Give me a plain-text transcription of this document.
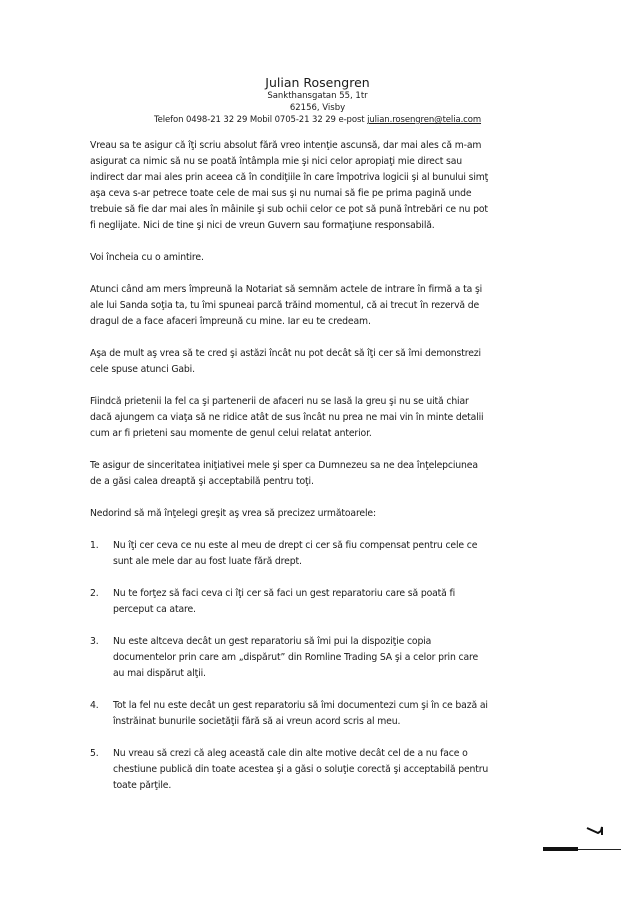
Julian Rosengren
Sankthansgatan 55, 1tr
62156, Visby
Telefon 0498-21 32 29 Mobil 0705-21 32 29 e-post julian.rosengren@telia.com

Vreau sa te asigur că îţi scriu absolut fără vreo intenţie ascunsă, dar mai ales că m-am asigurat ca nimic să nu se poată întâmpla mie şi nici celor apropiaţi mie direct sau indirect dar mai ales prin aceea că în condiţiile în care împotriva logicii şi al bunului simţ aşa ceva s-ar petrece toate cele de mai sus şi nu numai să fie pe prima pagină unde trebuie să fie dar mai ales în mâinile şi sub ochii celor ce pot să pună întrebări ce nu pot fi neglijate. Nici de tine şi nici de vreun Guvern sau formaţiune responsabilă.

Voi încheia cu o amintire.

Atunci când am mers împreună la Notariat să semnăm actele de intrare în firmă a ta şi ale lui Sanda soţia ta, tu îmi spuneai parcă trăind momentul, că ai trecut în rezervă de dragul de a face afaceri împreună cu mine. Iar eu te credeam.

Aşa de mult aş vrea să te cred şi astăzi încât nu pot decât să îţi cer să îmi demonstrezi cele spuse atunci Gabi.

Fiindcă prietenii la fel ca şi partenerii de afaceri nu se lasă la greu şi nu se uită chiar dacă ajungem ca viaţa să ne ridice atât de sus încât nu prea ne mai vin în minte detalii cum ar fi prieteni sau momente de genul celui relatat anterior.

Te asigur de sinceritatea iniţiativei mele şi sper ca Dumnezeu sa ne dea înţelepciunea de a găsi calea dreaptă şi acceptabilă pentru toţi.

Nedorind să mă înţelegi greşit aş vrea să precizez următoarele:

1. Nu îţi cer ceva ce nu este al meu de drept ci cer să fiu compensat pentru cele ce sunt ale mele dar au fost luate fără drept.
2. Nu te forţez să faci ceva ci îţi cer să faci un gest reparatoriu care să poată fi perceput ca atare.
3. Nu este altceva decât un gest reparatoriu să îmi pui la dispoziţie copia documentelor prin care am „dispărut” din Romline Trading SA şi a celor prin care au mai dispărut alţii.
4. Tot la fel nu este decât un gest reparatoriu să îmi documentezi cum şi în ce bază ai înstrăinat bunurile societăţii fără să ai vreun acord scris al meu.
5. Nu vreau să crezi că aleg această cale din alte motive decât cel de a nu face o chestiune publică din toate acestea şi a găsi o soluţie corectă şi acceptabilă pentru toate părţile.
